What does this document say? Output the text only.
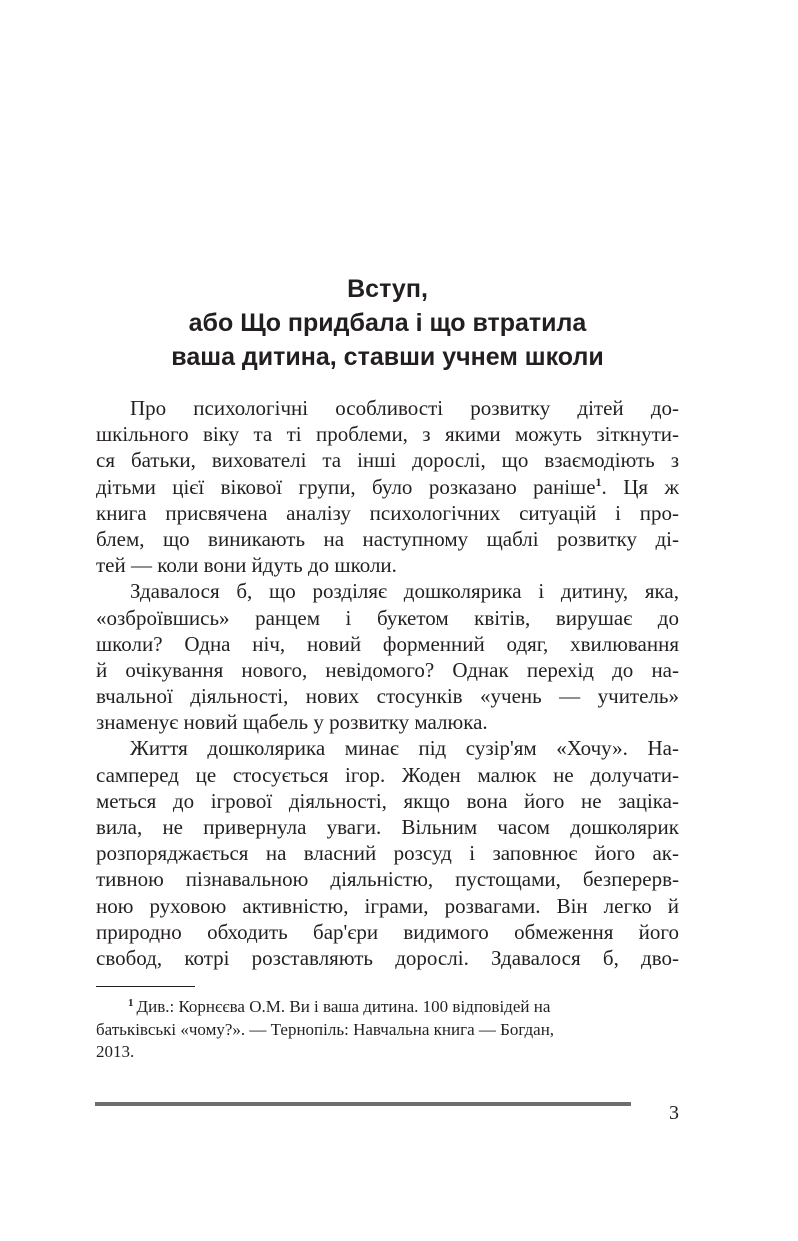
Вступ,
або Що придбала і що втратила
ваша дитина, ставши учнем школи
Про психологічні особливості розвитку дітей до-
шкільного віку та ті проблеми, з якими можуть зіткнути-
ся батьки, вихователі та інші дорослі, що взаємодіють з
дітьми цієї вікової групи, було розказано раніше$^1$. Ця ж
книга присвячена аналізу психологічних ситуацій і про-
блем, що виникають на наступному щаблі розвитку ді-
тей — коли вони йдуть до школи.
Здавалося б, що розділяє дошколярика і дитину, яка,
«озброївшись» ранцем і букетом квітів, вирушає до
школи? Одна ніч, новий форменний одяг, хвилювання
й очікування нового, невідомого? Однак перехід до на-
вчальної діяльності, нових стосунків «учень — учитель»
знаменує новий щабель у розвитку малюка.
Життя дошколярика минає під сузір'ям «Хочу». На-
самперед це стосується ігор. Жоден малюк не долучати-
меться до ігрової діяльності, якщо вона його не заціка-
вила, не привернула уваги. Вільним часом дошколярик
розпоряджається на власний розсуд і заповнює його ак-
тивною пізнавальною діяльністю, пустощами, безперерв-
ною руховою активністю, іграми, розвагами. Він легко й
природно обходить бар'єри видимого обмеження його
свобод, котрі розставляють дорослі. Здавалося б, дво-
$^1$ Див.: Корнєєва О.М. Ви і ваша дитина. 100 відповідей на
батьківські «чому?». — Тернопіль: Навчальна книга — Богдан,
2013.
3
